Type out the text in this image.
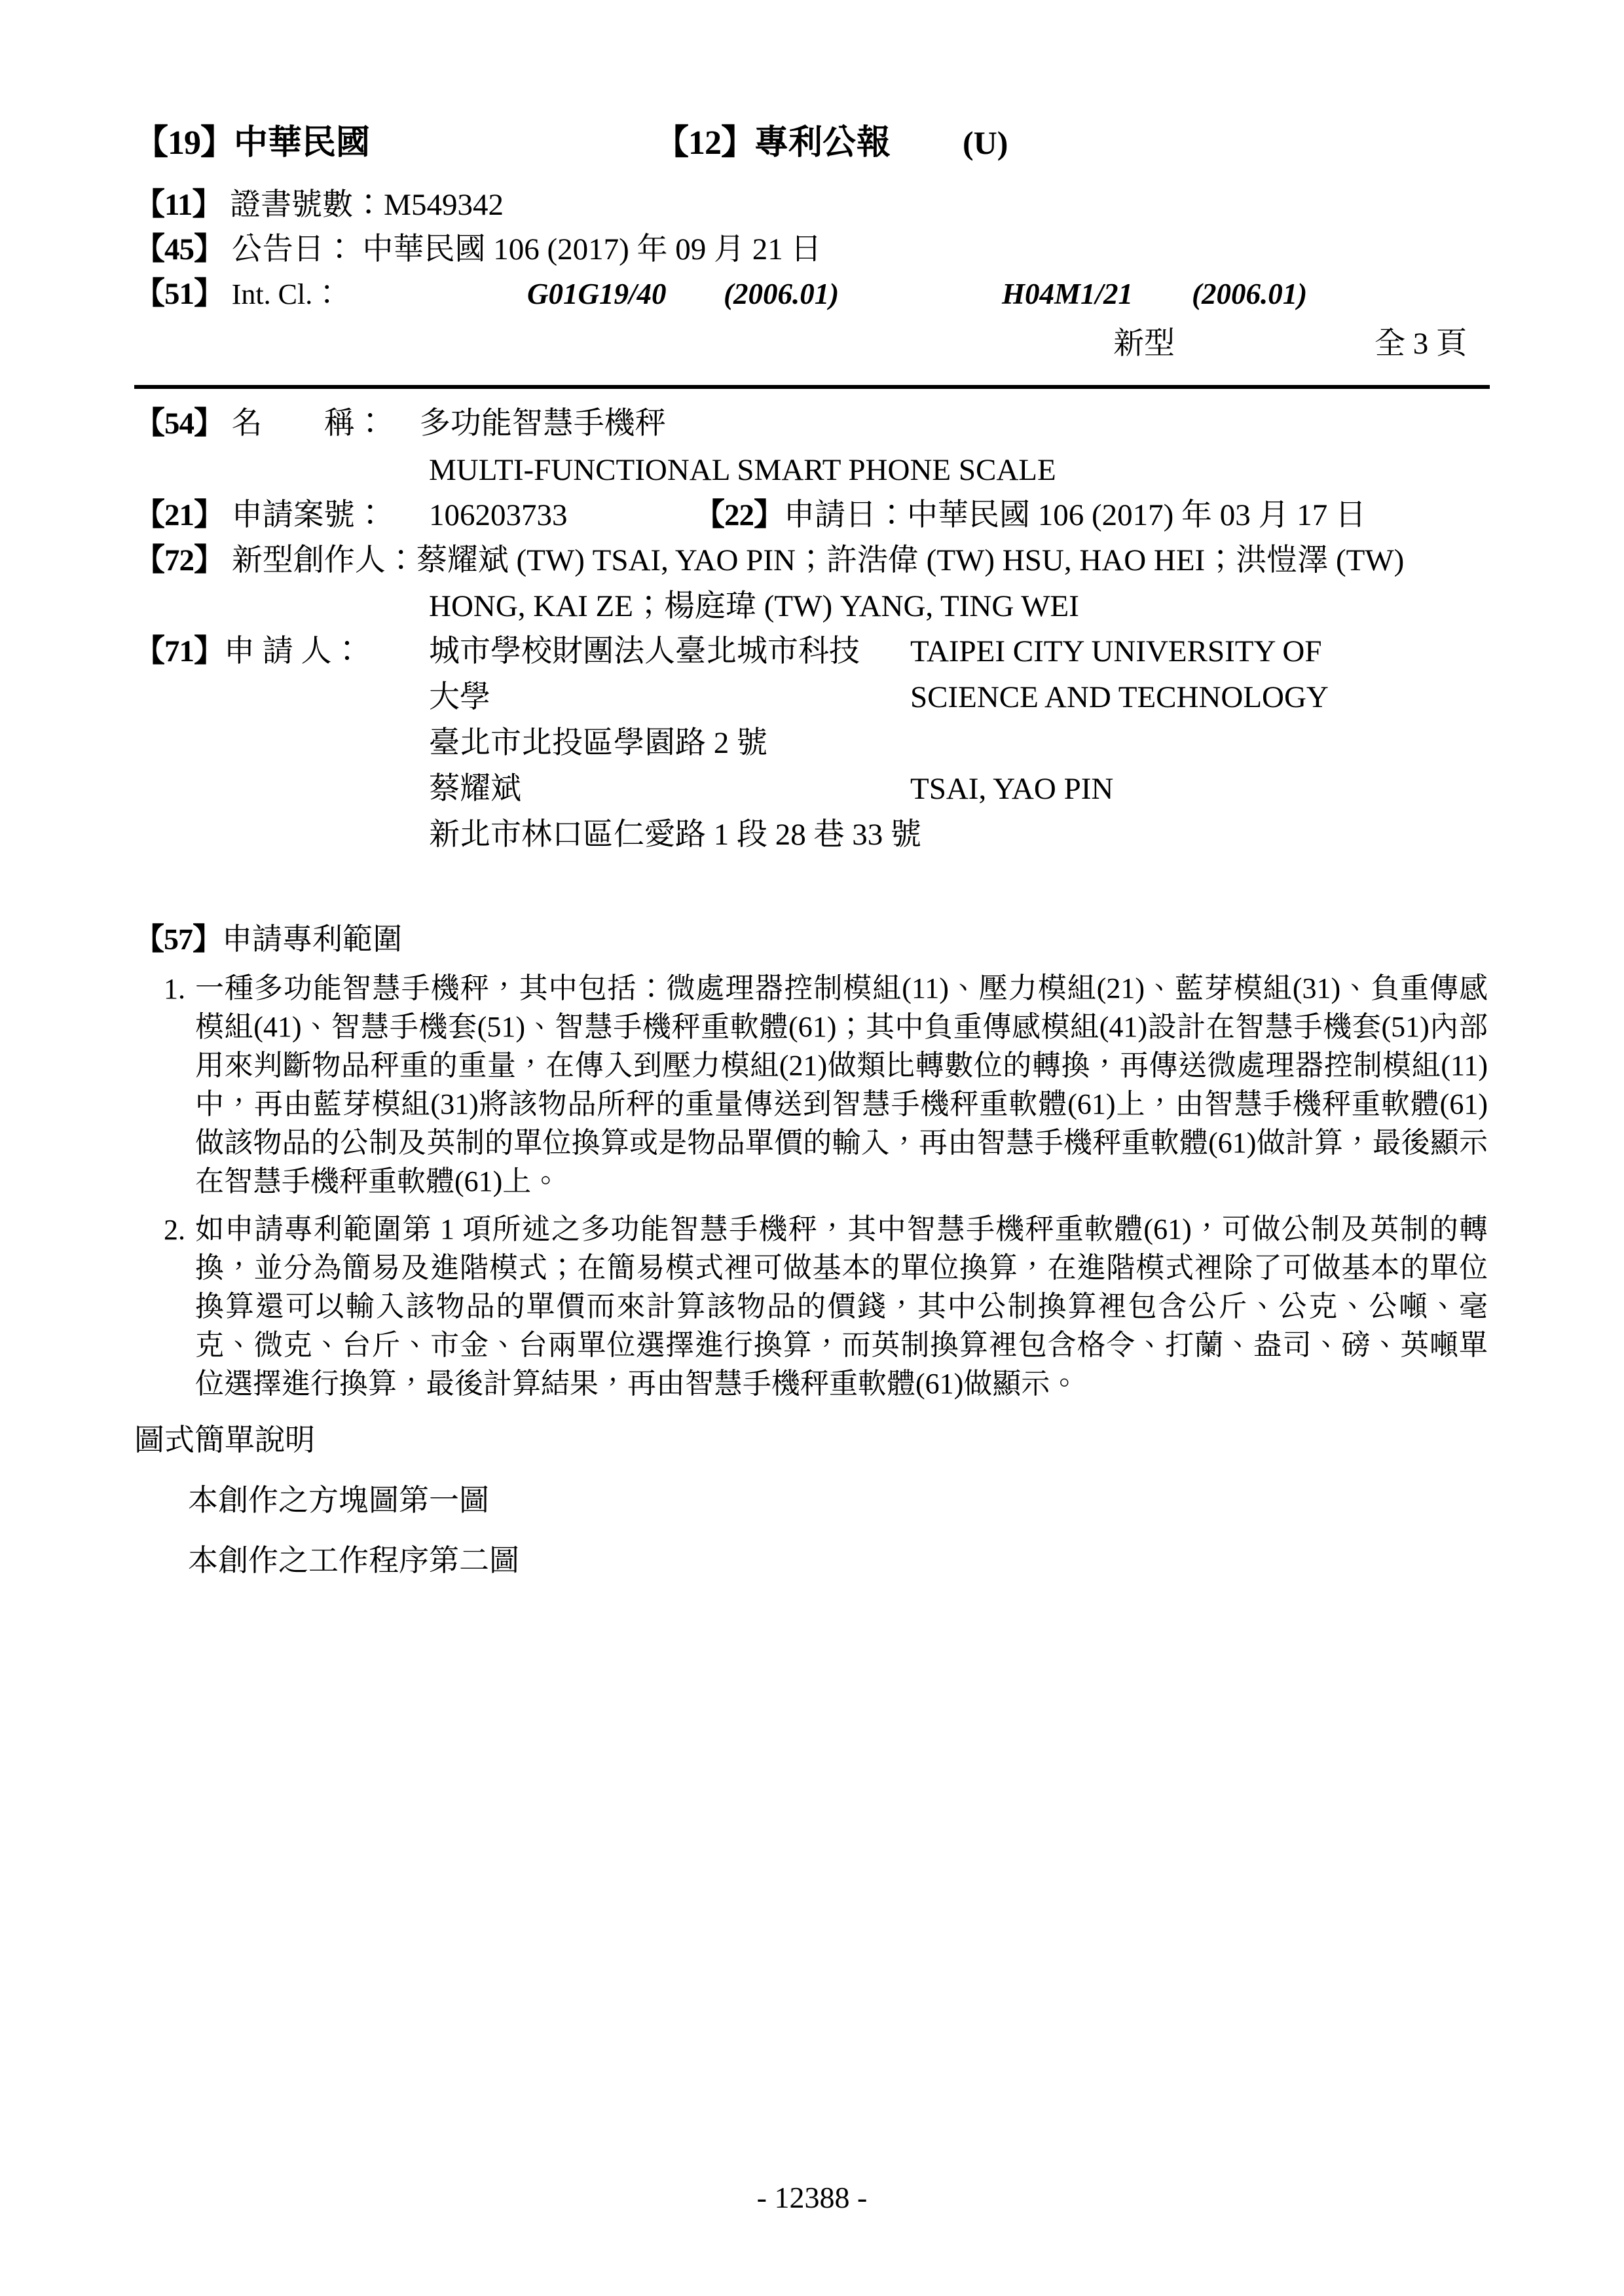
【19】中華民國	【12】專利公報 (U)
【11】 證書號數：M549342
【45】 公告日： 中華民國 106 (2017) 年 09 月 21 日
【51】 Int. Cl.：	G01G19/40 (2006.01)	H04M1/21 (2006.01)
新型	全 3 頁
【54】 名　　稱： 多功能智慧手機秤
MULTI-FUNCTIONAL SMART PHONE SCALE
【21】 申請案號： 106203733	【22】申請日：中華民國 106 (2017) 年 03 月 17 日
【72】 新型創作人：蔡耀斌 (TW) TSAI, YAO PIN；許浩偉 (TW) HSU, HAO HEI；洪愷澤 (TW)
HONG, KAI ZE；楊庭瑋 (TW) YANG, TING WEI
【71】申 請 人：	城市學校財團法人臺北城市科技	TAIPEI CITY UNIVERSITY OF
大學	SCIENCE AND TECHNOLOGY
臺北市北投區學園路 2 號
蔡耀斌	TSAI, YAO PIN
新北市林口區仁愛路 1 段 28 巷 33 號
【57】申請專利範圍
1. 一種多功能智慧手機秤，其中包括：微處理器控制模組(11)、壓力模組(21)、藍芽模組(31)、負重傳感模組(41)、智慧手機套(51)、智慧手機秤重軟體(61)；其中負重傳感模組(41)設計在智慧手機套(51)內部用來判斷物品秤重的重量，在傳入到壓力模組(21)做類比轉數位的轉換，再傳送微處理器控制模組(11)中，再由藍芽模組(31)將該物品所秤的重量傳送到智慧手機秤重軟體(61)上，由智慧手機秤重軟體(61)做該物品的公制及英制的單位換算或是物品單價的輸入，再由智慧手機秤重軟體(61)做計算，最後顯示在智慧手機秤重軟體(61)上。
2. 如申請專利範圍第 1 項所述之多功能智慧手機秤，其中智慧手機秤重軟體(61)，可做公制及英制的轉換，並分為簡易及進階模式；在簡易模式裡可做基本的單位換算，在進階模式裡除了可做基本的單位換算還可以輸入該物品的單價而來計算該物品的價錢，其中公制換算裡包含公斤、公克、公噸、毫克、微克、台斤、市金、台兩單位選擇進行換算，而英制換算裡包含格令、打蘭、盎司、磅、英噸單位選擇進行換算，最後計算結果，再由智慧手機秤重軟體(61)做顯示。
圖式簡單說明
本創作之方塊圖第一圖
本創作之工作程序第二圖
- 12388 -
